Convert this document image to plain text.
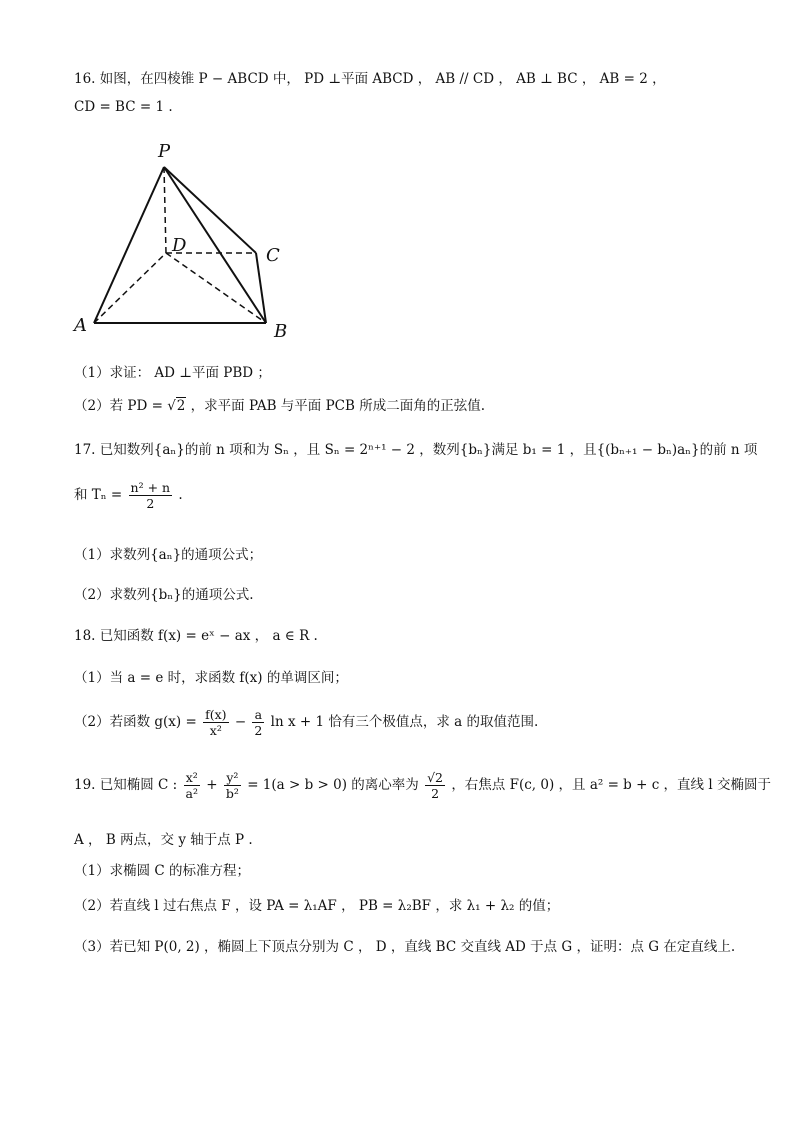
16. 如图，在四棱锥 P − ABCD 中， PD ⊥平面 ABCD ， AB // CD ， AB ⊥ BC ， AB = 2 ，
CD = BC = 1 .
P
D	C
A	B
（1）求证： AD ⊥平面 PBD ；
（2）若 PD = √2 ，求平面 PAB 与平面 PCB 所成二面角的正弦值.
17. 已知数列{aₙ}的前 n 项和为 Sₙ ，且 Sₙ = 2ⁿ⁺¹ − 2 ，数列{bₙ}满足 b₁ = 1 ，且{(bₙ₊₁ − bₙ)aₙ}的前 n 项
和 $T_n = \frac{\text{n² + n}}{2}$ .
（1）求数列{aₙ}的通项公式；
（2）求数列{bₙ}的通项公式.
18. 已知函数 f(x) = eˣ − ax ， a ∈ R .
（1）当 a = e 时，求函数 f(x) 的单调区间；
（2）若函数 $g(x) = \frac{f(x)}{\text{x²}} - \frac{a}{2}$ ln x + 1 恰有三个极值点，求 a 的取值范围.
19. 已知椭圆 C : $\frac{\text{x²}}{\text{a²}} + \frac{\text{y²}}{\text{b²}} = 1(a > b > 0)$ 的离心率为 $\frac{√2}{2}$ ，右焦点 F(c, 0) ，且 a² = b + c ，直线 l 交椭圆于
A ， B 两点，交 y 轴于点 P .
（1）求椭圆 C 的标准方程；
（2）若直线 l 过右焦点 F ，设 PA = λ₁AF ， PB = λ₂BF ，求 λ₁ + λ₂ 的值；
（3）若已知 P(0, 2) ，椭圆上下顶点分别为 C ， D ，直线 BC 交直线 AD 于点 G ，证明：点 G 在定直线上.
